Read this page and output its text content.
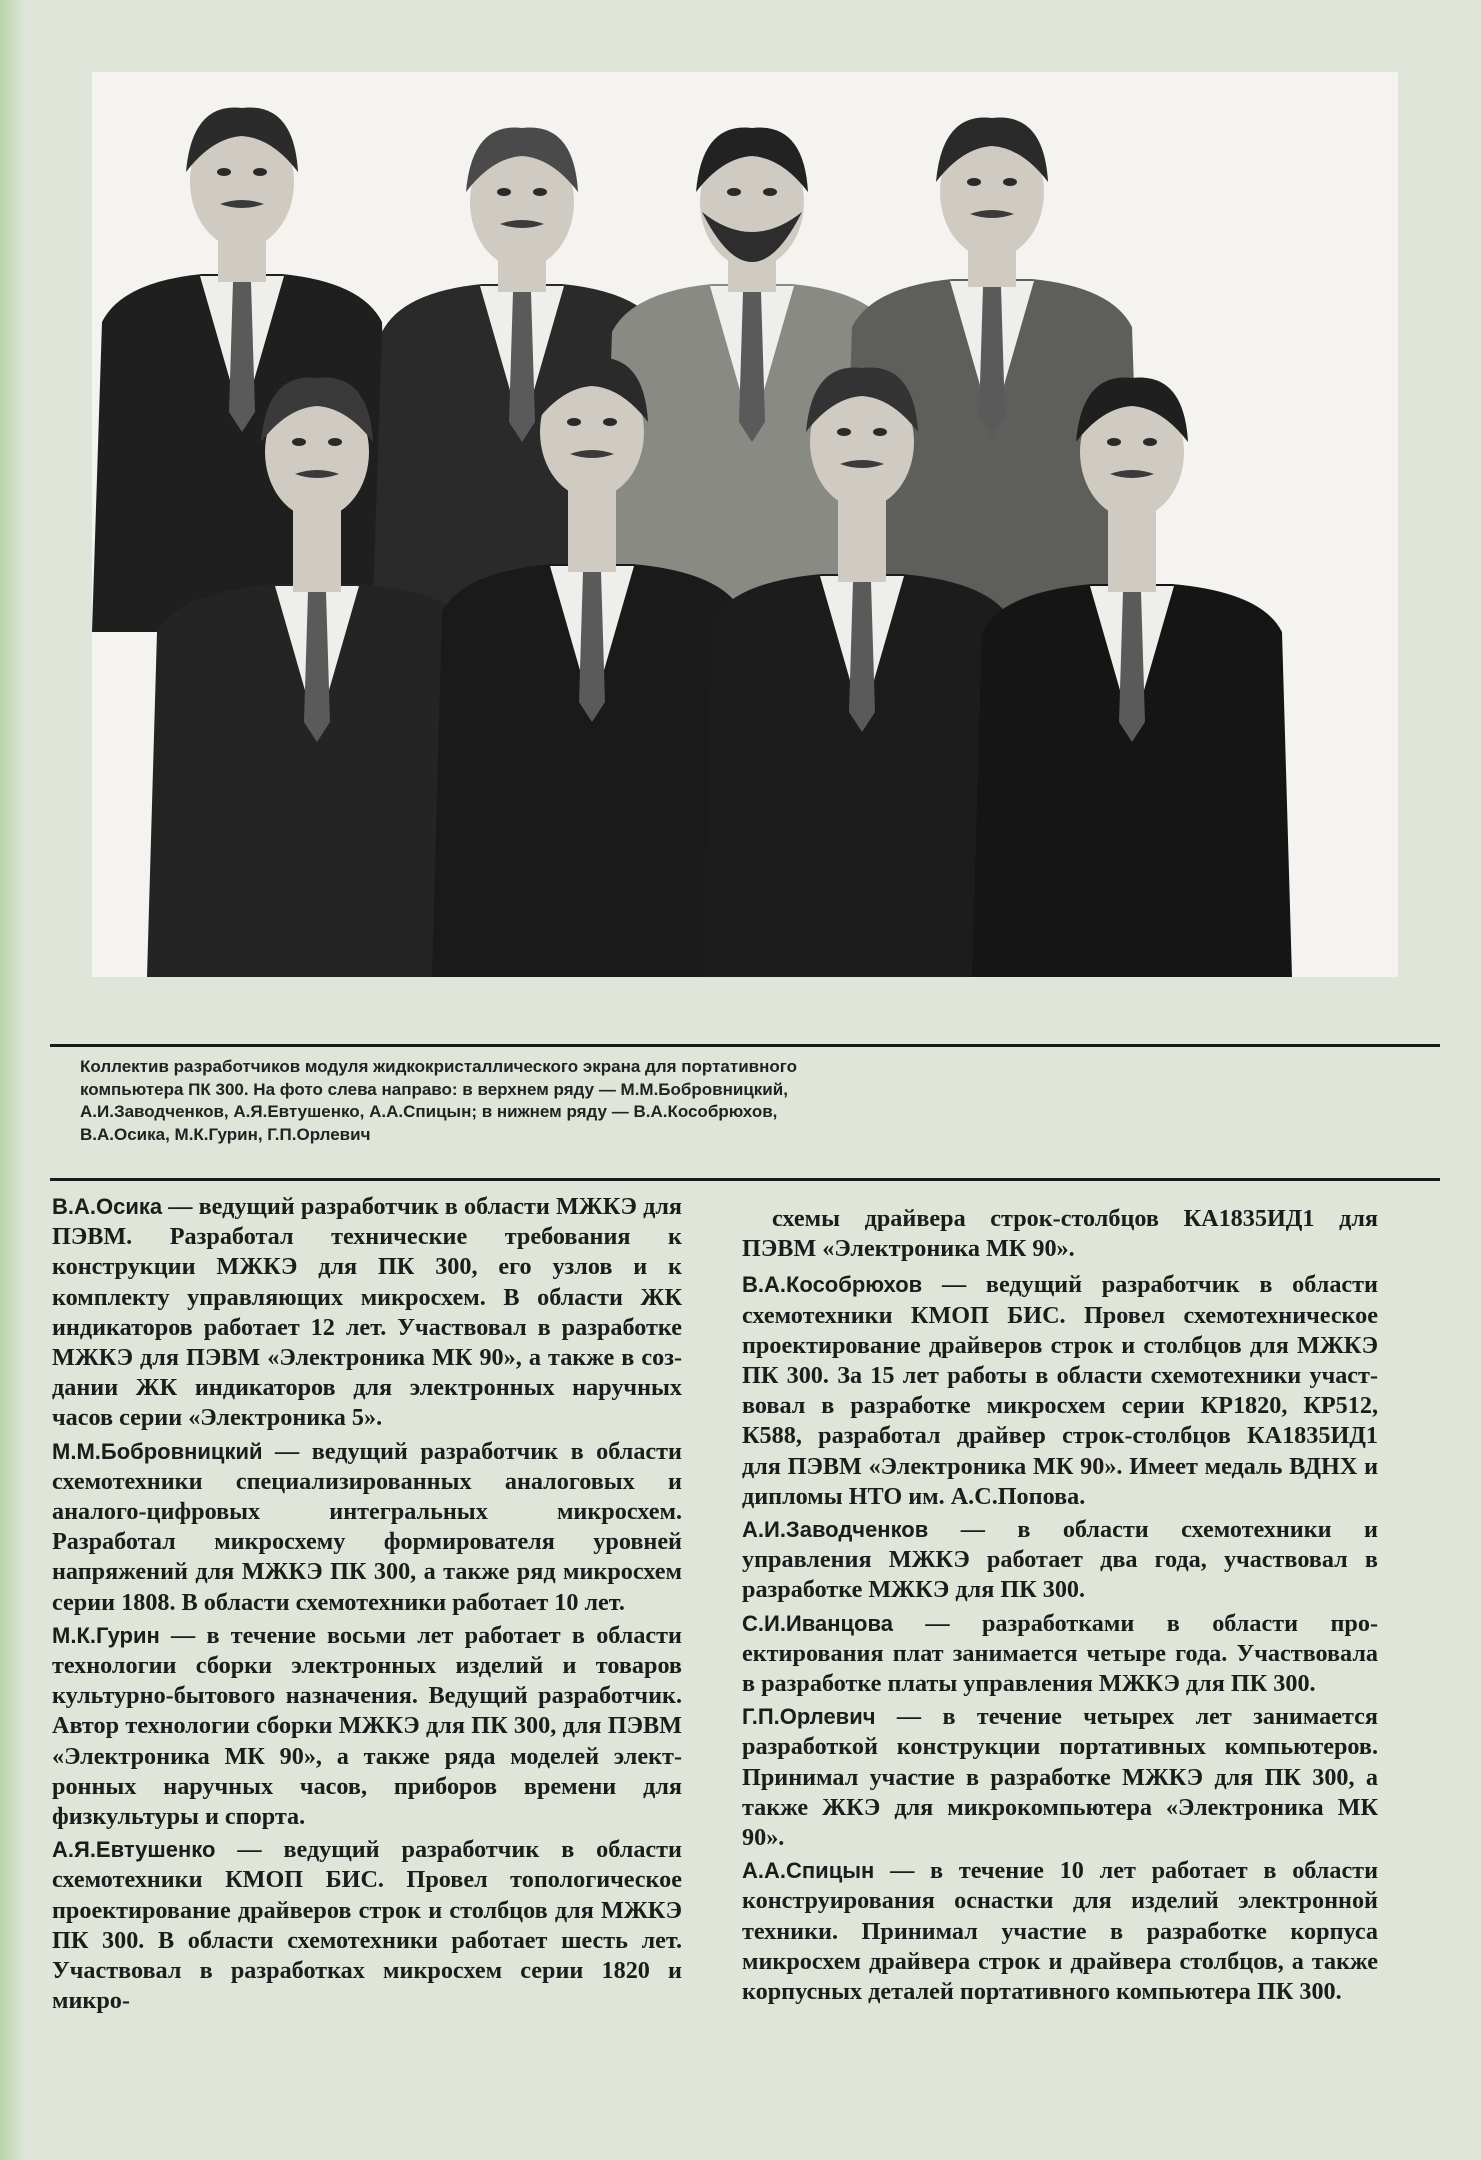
Коллектив разработчиков модуля жидкокристаллического экрана для портативного
компьютера ПК 300. На фото слева направо: в верхнем ряду — М.М.Бобровницкий,
А.И.Заводченков, А.Я.Евтушенко, А.А.Спицын; в нижнем ряду — В.А.Кособрюхов,
В.А.Осика, М.К.Гурин, Г.П.Орлевич

В.А.Осика — ведущий разработчик в области МЖКЭ для ПЭВМ. Разработал технические требования к конструкции МЖКЭ для ПК 300, его узлов и к комплекту управляющих микросхем. В области ЖК индикаторов работает 12 лет. Участвовал в разработке МЖКЭ для ПЭВМ «Электроника МК 90», а также в создании ЖК индикаторов для электронных наручных часов серии «Электроника 5».

М.М.Бобровницкий — ведущий разработчик в области схемотехники специализированных аналоговых и аналого-цифровых интегральных микросхем. Разработал микросхему формирователя уровней напряжений для МЖКЭ ПК 300, а также ряд микросхем серии 1808. В области схемотехники работает 10 лет.

М.К.Гурин — в течение восьми лет работает в области технологии сборки электронных изделий и товаров культурно-бытового назначения. Ведущий разработчик. Автор технологии сборки МЖКЭ для ПК 300, для ПЭВМ «Электроника МК 90», а также ряда моделей электронных наручных часов, приборов времени для физкультуры и спорта.

А.Я.Евтушенко — ведущий разработчик в области схемотехники КМОП БИС. Провел топологическое проектирование драйверов строк и столбцов для МЖКЭ ПК 300. В области схемотехники работает шесть лет. Участвовал в разработках микросхем серии 1820 и микро-

схемы драйвера строк-столбцов КА1835ИД1 для ПЭВМ «Электроника МК 90».

В.А.Кособрюхов — ведущий разработчик в области схемотехники КМОП БИС. Провел схемотехническое проектирование драйверов строк и столбцов для МЖКЭ ПК 300. За 15 лет работы в области схемотехники участвовал в разработке микросхем серии КР1820, КР512, К588, разработал драйвер строк-столбцов КА1835ИД1 для ПЭВМ «Электроника МК 90». Имеет медаль ВДНХ и дипломы НТО им. А.С.Попова.

А.И.Заводченков — в области схемотехники и управления МЖКЭ работает два года, участвовал в разработке МЖКЭ для ПК 300.

С.И.Иванцова — разработками в области проектирования плат занимается четыре года. Участвовала в разработке платы управления МЖКЭ для ПК 300.

Г.П.Орлевич — в течение четырех лет занимается разработкой конструкции портативных компьютеров. Принимал участие в разработке МЖКЭ для ПК 300, а также ЖКЭ для микрокомпьютера «Электроника МК 90».

А.А.Спицын — в течение 10 лет работает в области конструирования оснастки для изделий электронной техники. Принимал участие в разработке корпуса микросхем драйвера строк и драйвера столбцов, а также корпусных деталей портативного компьютера ПК 300.
